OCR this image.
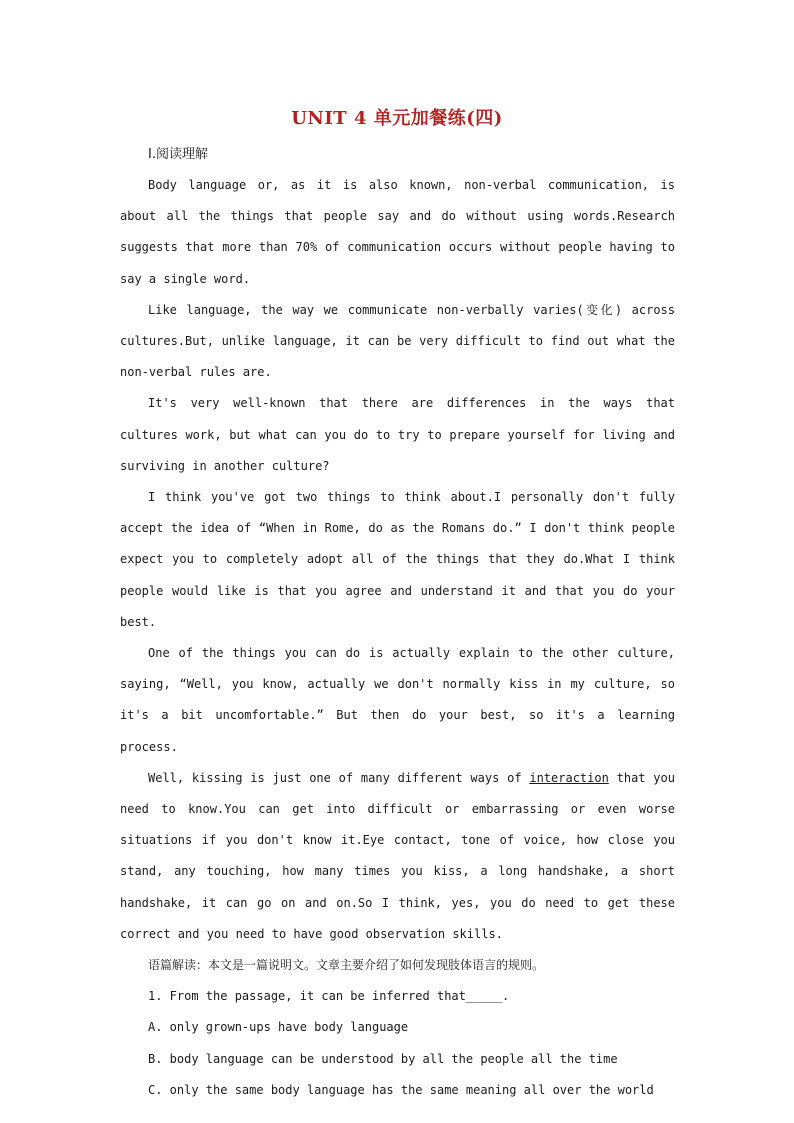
UNIT 4 单元加餐练(四)
Ⅰ.阅读理解

Body language or, as it is also known, non-verbal communication, is about all the things that people say and do without using words.Research suggests that more than 70% of communication occurs without people having to say a single word.

Like language, the way we communicate non-verbally varies(变化) across cultures.But, unlike language, it can be very difficult to find out what the non-verbal rules are.

It's very well-known that there are differences in the ways that cultures work, but what can you do to try to prepare yourself for living and surviving in another culture?

I think you've got two things to think about.I personally don't fully accept the idea of “When in Rome, do as the Romans do.” I don't think people expect you to completely adopt all of the things that they do.What I think people would like is that you agree and understand it and that you do your best.

One of the things you can do is actually explain to the other culture, saying, “Well, you know, actually we don't normally kiss in my culture, so it's a bit uncomfortable.” But then do your best, so it's a learning process.

Well, kissing is just one of many different ways of interaction that you need to know.You can get into difficult or embarrassing or even worse situations if you don't know it.Eye contact, tone of voice, how close you stand, any touching, how many times you kiss, a long handshake, a short handshake, it can go on and on.So I think, yes, you do need to get these correct and you need to have good observation skills.

语篇解读：本文是一篇说明文。文章主要介绍了如何发现肢体语言的规则。

1. From the passage, it can be inferred that_____.

A. only grown-ups have body language

B. body language can be understood by all the people all the time

C. only the same body language has the same meaning all over the world
